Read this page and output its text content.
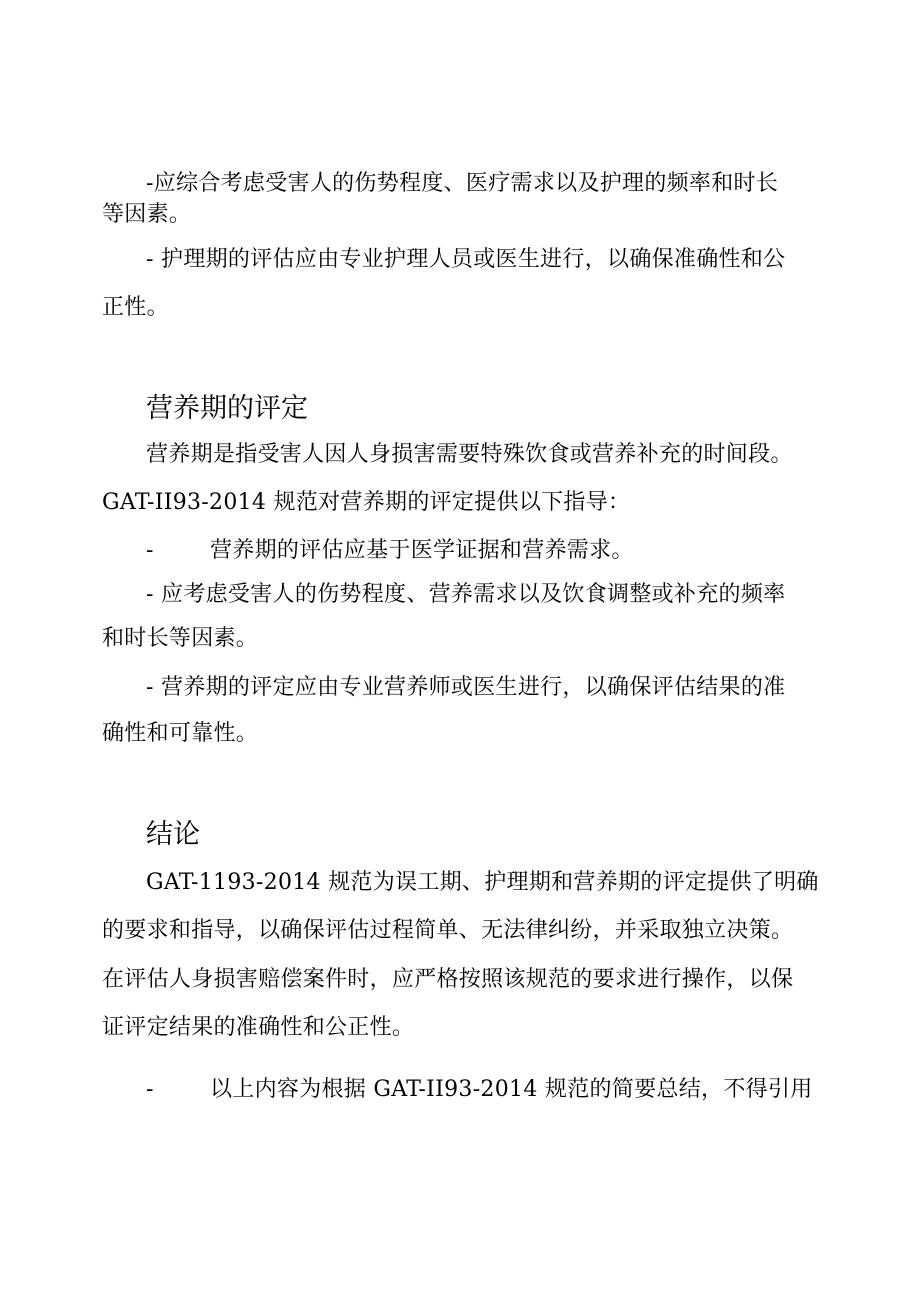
-应综合考虑受害人的伤势程度、医疗需求以及护理的频率和时长
等因素。
- 护理期的评估应由专业护理人员或医生进行，以确保准确性和公
正性。
营养期的评定
营养期是指受害人因人身损害需要特殊饮食或营养补充的时间段。
GAT-II93-2014 规范对营养期的评定提供以下指导：
-	营养期的评估应基于医学证据和营养需求。
- 应考虑受害人的伤势程度、营养需求以及饮食调整或补充的频率
和时长等因素。
- 营养期的评定应由专业营养师或医生进行，以确保评估结果的准
确性和可靠性。
结论
GAT-1193-2014 规范为误工期、护理期和营养期的评定提供了明确
的要求和指导，以确保评估过程简单、无法律纠纷，并采取独立决策。
在评估人身损害赔偿案件时，应严格按照该规范的要求进行操作，以保
证评定结果的准确性和公正性。
-	以上内容为根据 GAT-II93-2014 规范的简要总结，不得引用
